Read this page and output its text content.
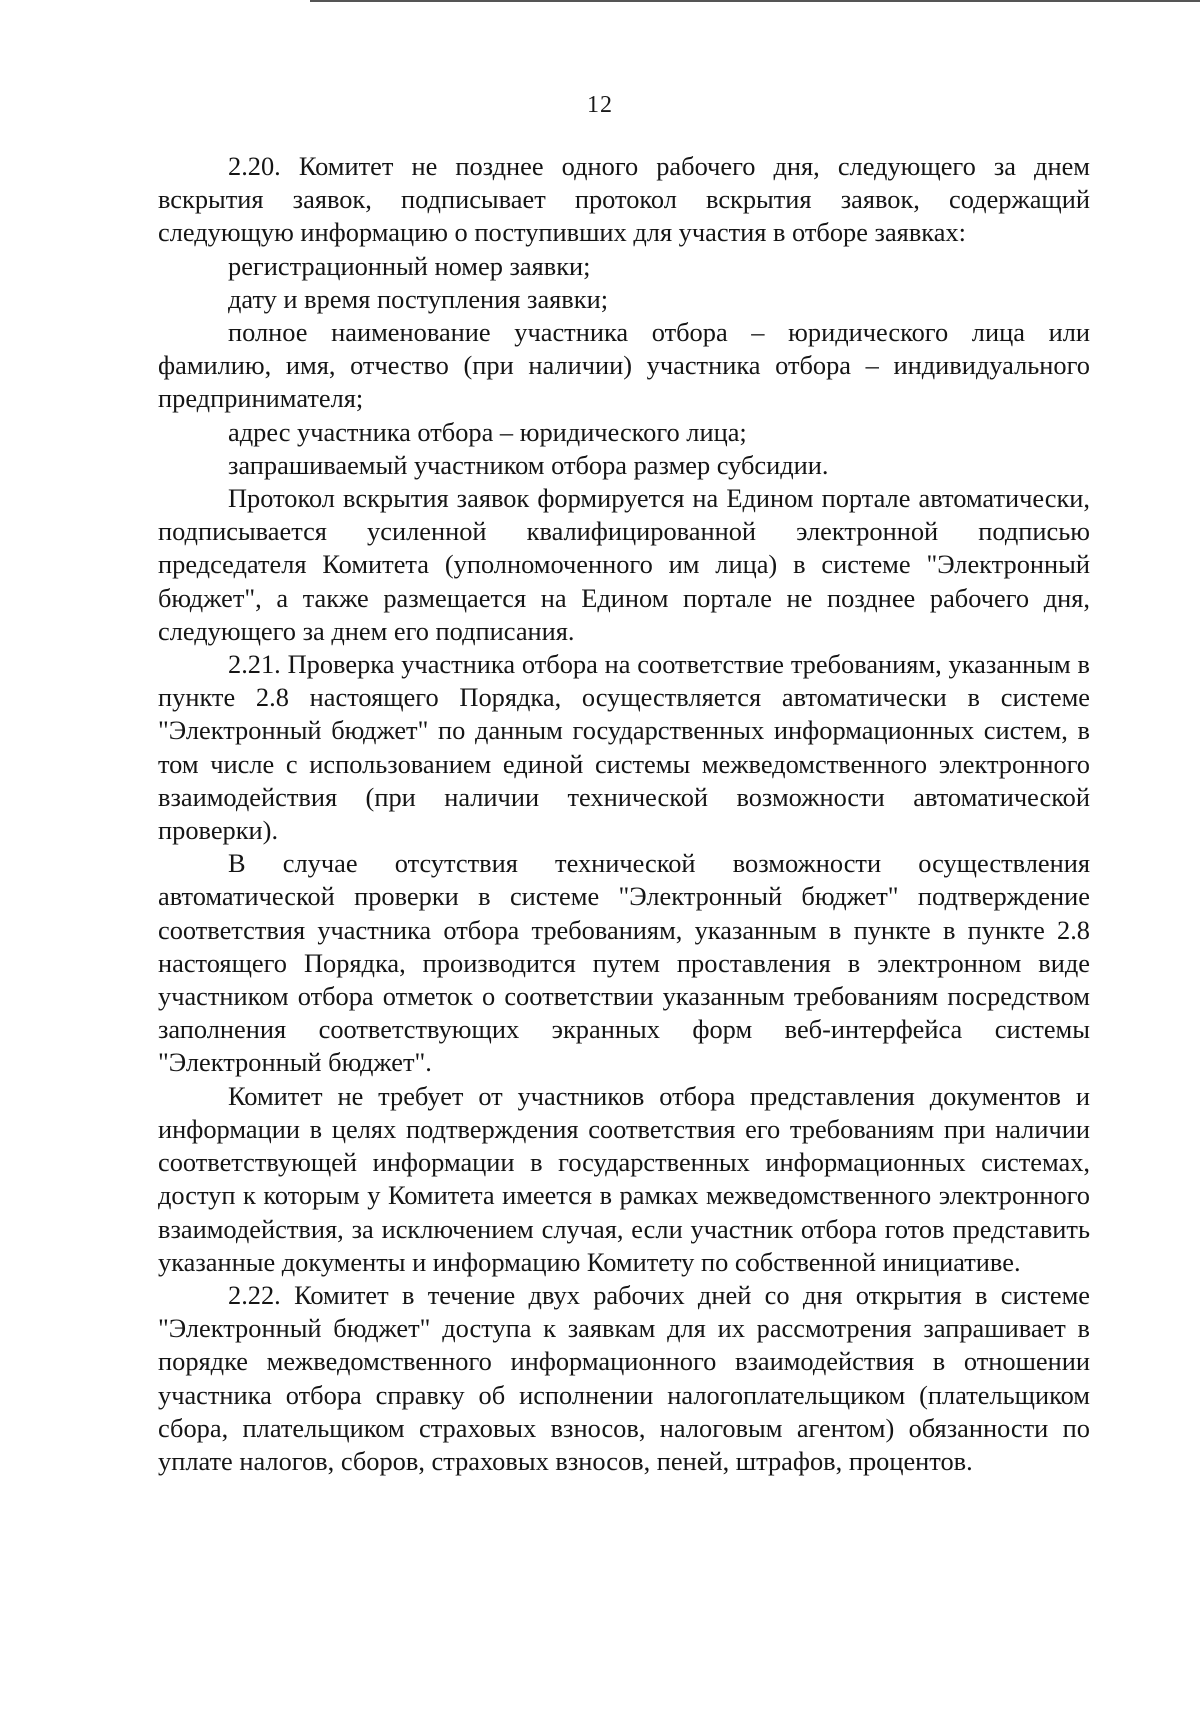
12

2.20. Комитет не позднее одного рабочего дня, следующего за днем вскрытия заявок, подписывает протокол вскрытия заявок, содержащий следующую информацию о поступивших для участия в отборе заявках:

регистрационный номер заявки;

дату и время поступления заявки;

полное наименование участника отбора – юридического лица или фамилию, имя, отчество (при наличии) участника отбора – индивидуального предпринимателя;

адрес участника отбора – юридического лица;

запрашиваемый участником отбора размер субсидии.

Протокол вскрытия заявок формируется на Едином портале автоматически, подписывается усиленной квалифицированной электронной подписью председателя Комитета (уполномоченного им лица) в системе "Электронный бюджет", а также размещается на Едином портале не позднее рабочего дня, следующего за днем его подписания.

2.21. Проверка участника отбора на соответствие требованиям, указанным в пункте 2.8 настоящего Порядка, осуществляется автоматически в системе "Электронный бюджет" по данным государственных информационных систем, в том числе с использованием единой системы межведомственного электронного взаимодействия (при наличии технической возможности автоматической проверки).

В случае отсутствия технической возможности осуществления автоматической проверки в системе "Электронный бюджет" подтверждение соответствия участника отбора требованиям, указанным в пункте в пункте 2.8 настоящего Порядка, производится путем проставления в электронном виде участником отбора отметок о соответствии указанным требованиям посредством заполнения соответствующих экранных форм веб-интерфейса системы "Электронный бюджет".

Комитет не требует от участников отбора представления документов и информации в целях подтверждения соответствия его требованиям при наличии соответствующей информации в государственных информационных системах, доступ к которым у Комитета имеется в рамках межведомственного электронного взаимодействия, за исключением случая, если участник отбора готов представить указанные документы и информацию Комитету по собственной инициативе.

2.22. Комитет в течение двух рабочих дней со дня открытия в системе "Электронный бюджет" доступа к заявкам для их рассмотрения запрашивает в порядке межведомственного информационного взаимодействия в отношении участника отбора справку об исполнении налогоплательщиком (плательщиком сбора, плательщиком страховых взносов, налоговым агентом) обязанности по уплате налогов, сборов, страховых взносов, пеней, штрафов, процентов.
